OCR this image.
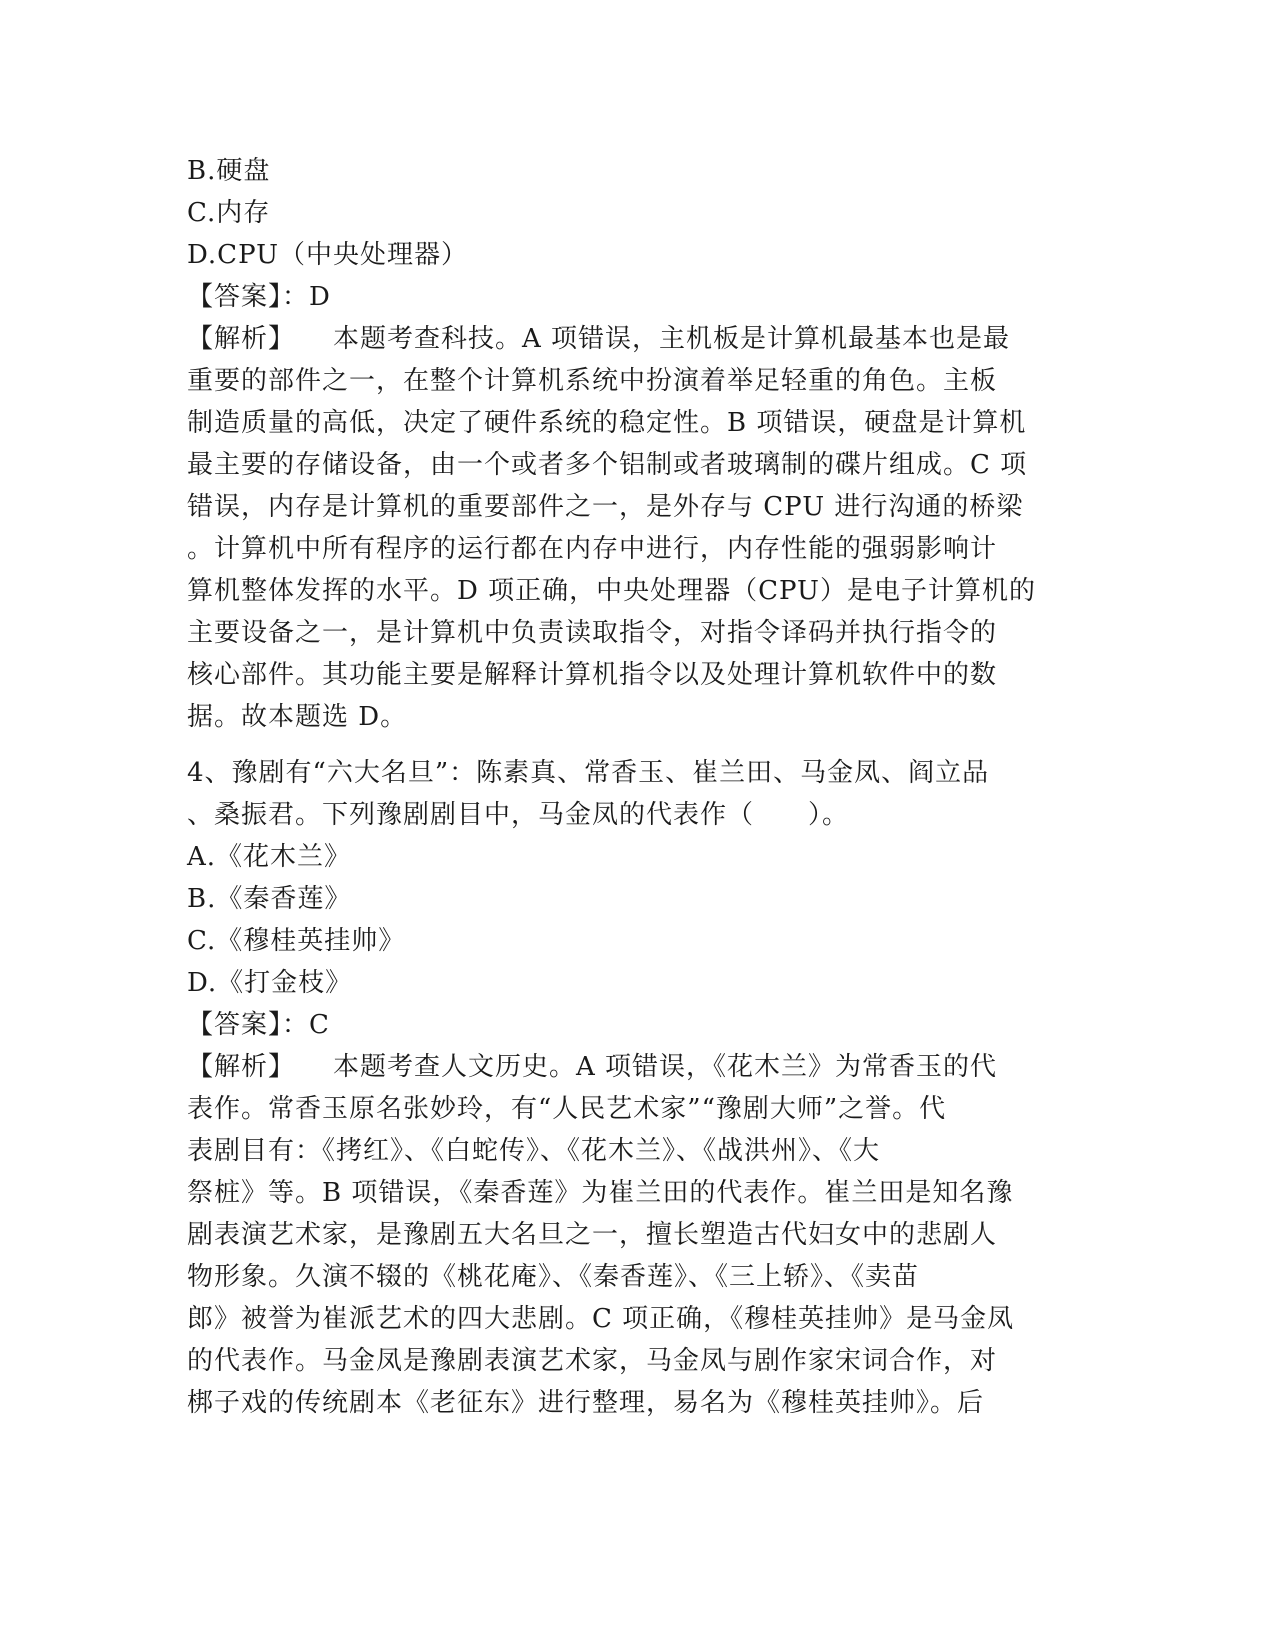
B.硬盘
C.内存
D.CPU（中央处理器）
【答案】：D
【解析】 本题考查科技。A 项错误，主机板是计算机最基本也是最
重要的部件之一，在整个计算机系统中扮演着举足轻重的角色。主板
制造质量的高低，决定了硬件系统的稳定性。B 项错误，硬盘是计算机
最主要的存储设备，由一个或者多个铝制或者玻璃制的碟片组成。C 项
错误，内存是计算机的重要部件之一，是外存与 CPU 进行沟通的桥梁
。计算机中所有程序的运行都在内存中进行，内存性能的强弱影响计
算机整体发挥的水平。D 项正确，中央处理器（CPU）是电子计算机的
主要设备之一，是计算机中负责读取指令，对指令译码并执行指令的
核心部件。其功能主要是解释计算机指令以及处理计算机软件中的数
据。故本题选 D。
4、豫剧有“六大名旦”：陈素真、常香玉、崔兰田、马金凤、阎立品
、桑振君。下列豫剧剧目中，马金凤的代表作（　　）。
A.《花木兰》
B.《秦香莲》
C.《穆桂英挂帅》
D.《打金枝》
【答案】：C
【解析】 本题考查人文历史。A 项错误，《花木兰》为常香玉的代
表作。常香玉原名张妙玲，有“人民艺术家”“豫剧大师”之誉。代
表剧目有：《拷红》、《白蛇传》、《花木兰》、《战洪州》、《大
祭桩》等。B 项错误，《秦香莲》为崔兰田的代表作。崔兰田是知名豫
剧表演艺术家，是豫剧五大名旦之一，擅长塑造古代妇女中的悲剧人
物形象。久演不辍的《桃花庵》、《秦香莲》、《三上轿》、《卖苗
郎》被誉为崔派艺术的四大悲剧。C 项正确，《穆桂英挂帅》是马金凤
的代表作。马金凤是豫剧表演艺术家，马金凤与剧作家宋词合作，对
梆子戏的传统剧本《老征东》进行整理，易名为《穆桂英挂帅》。后
